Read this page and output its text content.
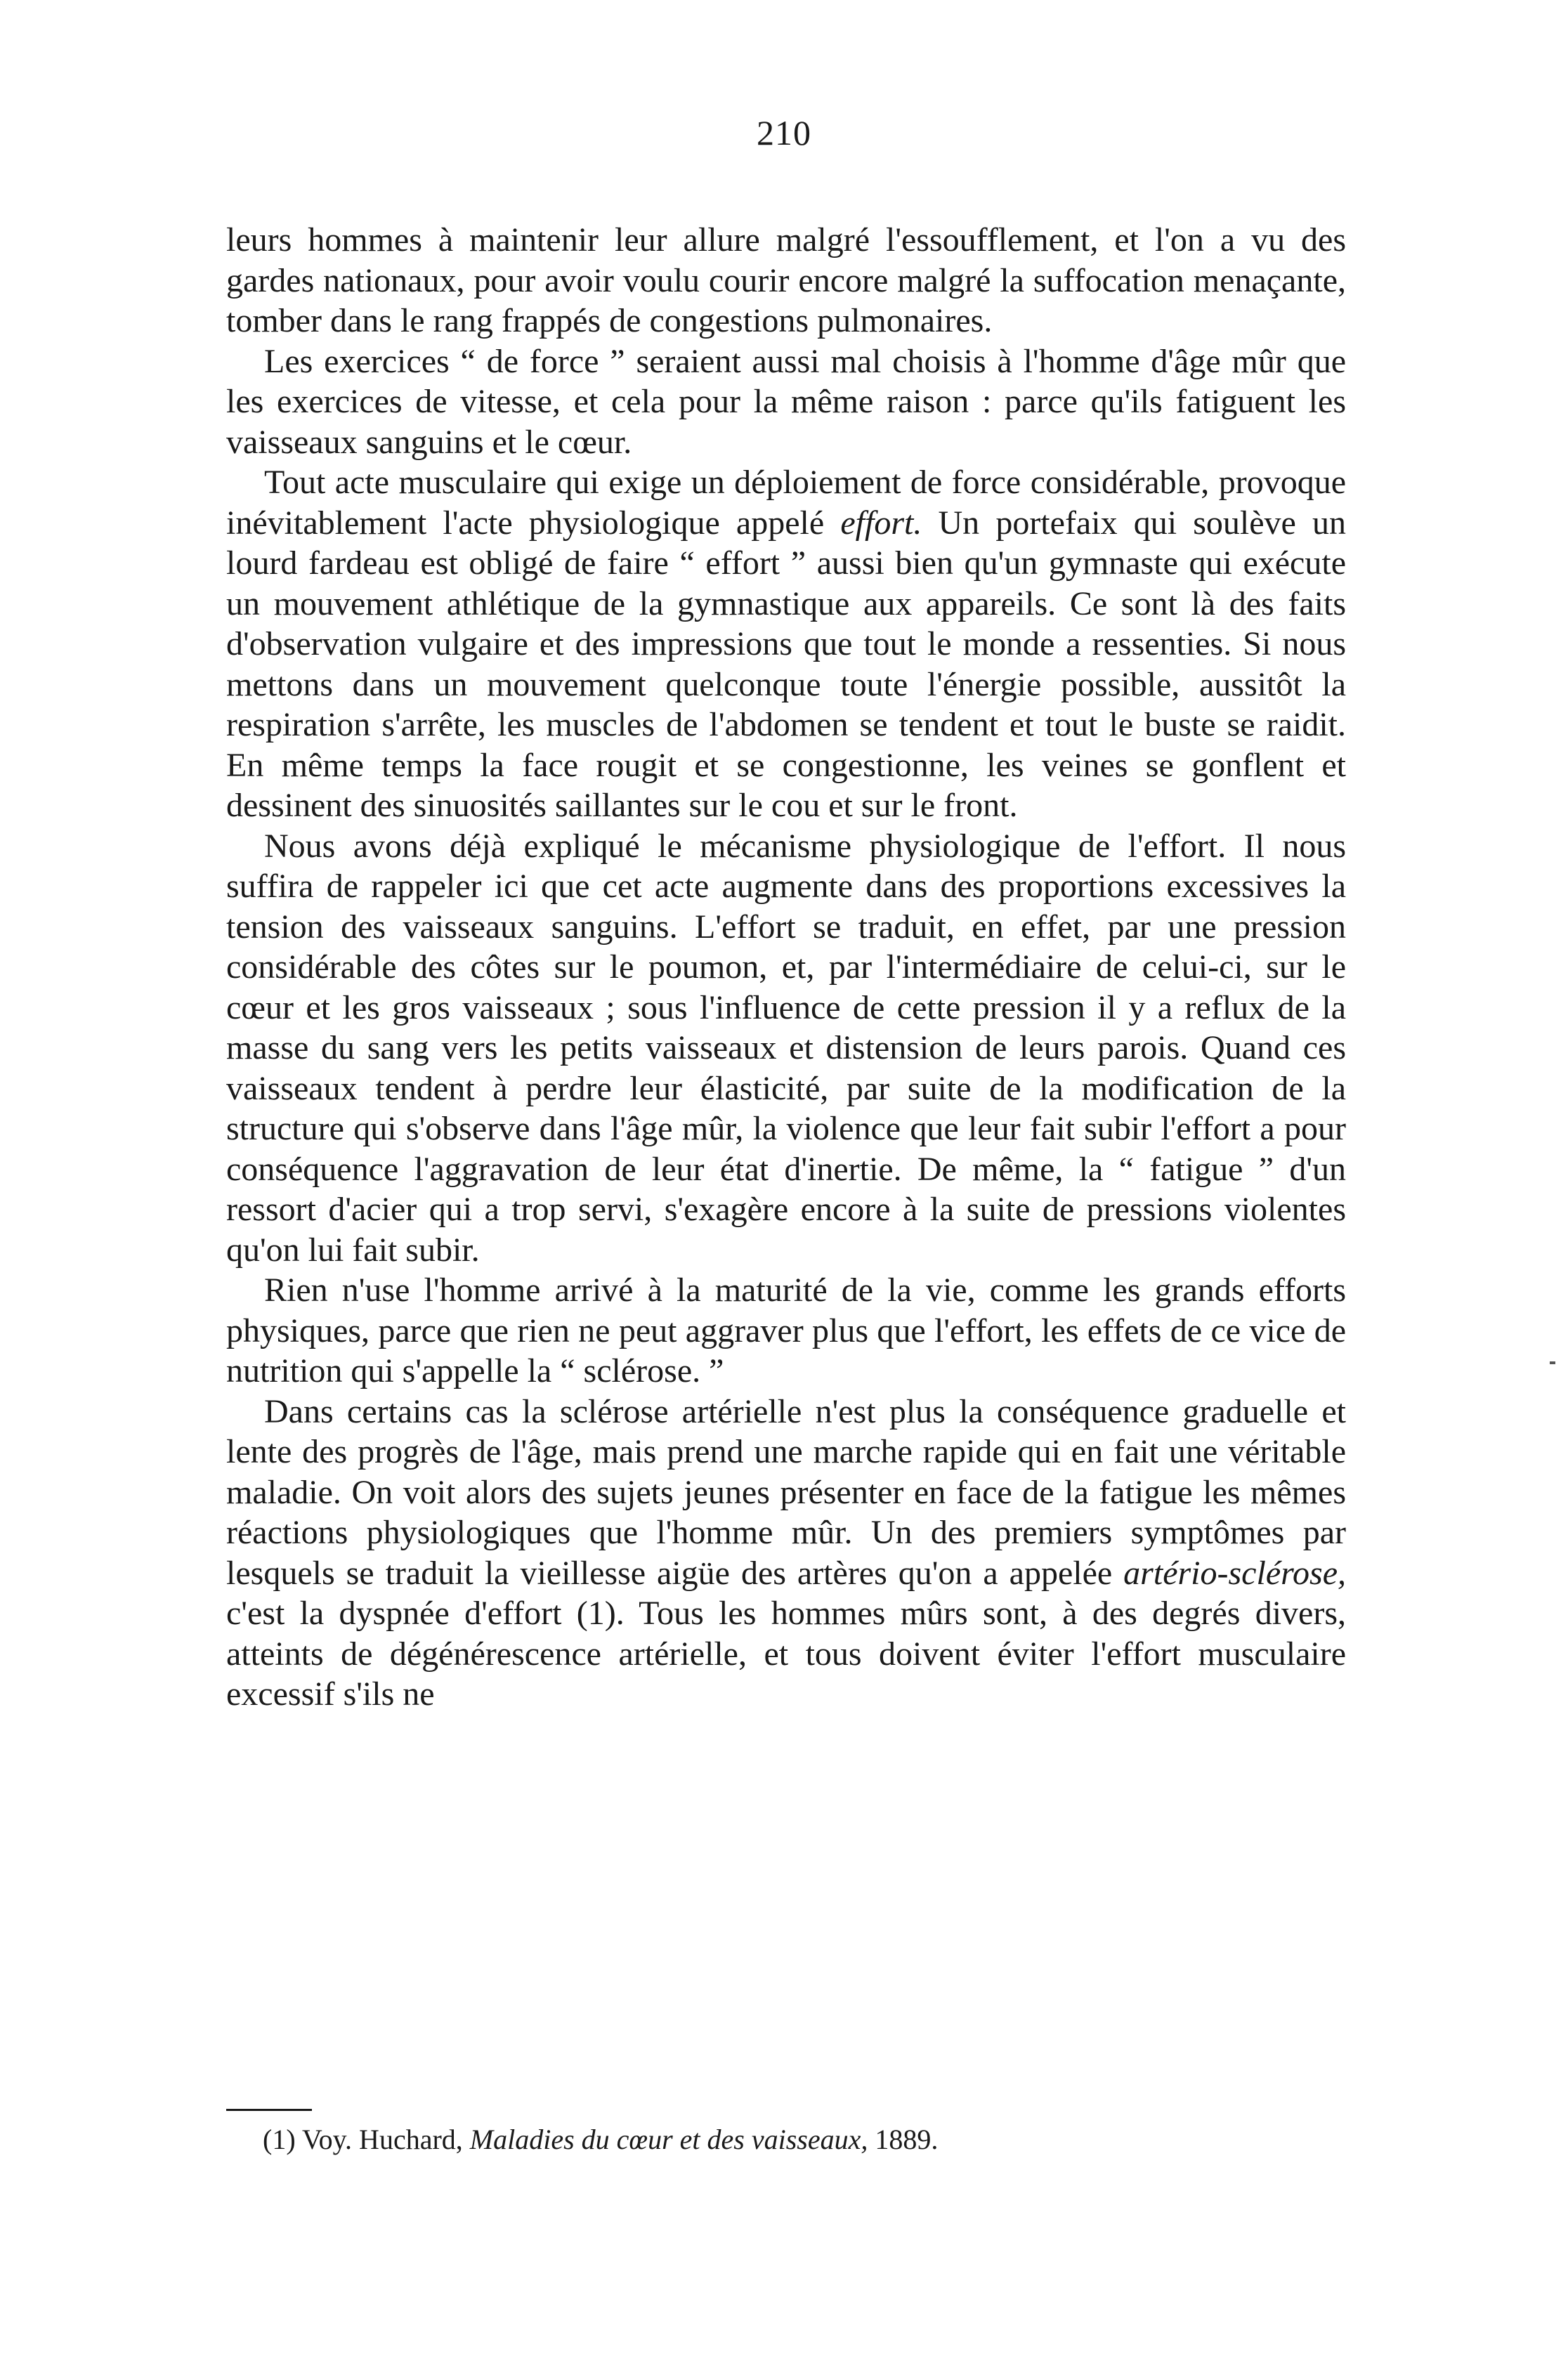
210

leurs hommes à maintenir leur allure malgré l'essoufflement, et l'on a vu des gardes nationaux, pour avoir voulu courir encore malgré la suffocation menaçante, tomber dans le rang frappés de congestions pulmonaires.

Les exercices “ de force ” seraient aussi mal choisis à l'homme d'âge mûr que les exercices de vitesse, et cela pour la même raison : parce qu'ils fatiguent les vaisseaux sanguins et le cœur.

Tout acte musculaire qui exige un déploiement de force considérable, provoque inévitablement l'acte physiologique appelé effort. Un portefaix qui soulève un lourd fardeau est obligé de faire “ effort ” aussi bien qu'un gymnaste qui exécute un mouvement athlétique de la gymnastique aux appareils. Ce sont là des faits d'observation vulgaire et des impressions que tout le monde a ressenties. Si nous mettons dans un mouvement quelconque toute l'énergie possible, aussitôt la respiration s'arrête, les muscles de l'abdomen se tendent et tout le buste se raidit. En même temps la face rougit et se congestionne, les veines se gonflent et dessinent des sinuosités saillantes sur le cou et sur le front.

Nous avons déjà expliqué le mécanisme physiologique de l'effort. Il nous suffira de rappeler ici que cet acte augmente dans des proportions excessives la tension des vaisseaux sanguins. L'effort se traduit, en effet, par une pression considérable des côtes sur le poumon, et, par l'intermédiaire de celui-ci, sur le cœur et les gros vaisseaux ; sous l'influence de cette pression il y a reflux de la masse du sang vers les petits vaisseaux et distension de leurs parois. Quand ces vaisseaux tendent à perdre leur élasticité, par suite de la modification de la structure qui s'observe dans l'âge mûr, la violence que leur fait subir l'effort a pour conséquence l'aggravation de leur état d'inertie. De même, la “ fatigue ” d'un ressort d'acier qui a trop servi, s'exagère encore à la suite de pressions violentes qu'on lui fait subir.

Rien n'use l'homme arrivé à la maturité de la vie, comme les grands efforts physiques, parce que rien ne peut aggraver plus que l'effort, les effets de ce vice de nutrition qui s'appelle la “ sclérose. ”

Dans certains cas la sclérose artérielle n'est plus la conséquence graduelle et lente des progrès de l'âge, mais prend une marche rapide qui en fait une véritable maladie. On voit alors des sujets jeunes présenter en face de la fatigue les mêmes réactions physiologiques que l'homme mûr. Un des premiers symptômes par lesquels se traduit la vieillesse aigüe des artères qu'on a appelée artério-sclérose, c'est la dyspnée d'effort (1). Tous les hommes mûrs sont, à des degrés divers, atteints de dégénérescence artérielle, et tous doivent éviter l'effort musculaire excessif s'ils ne

(1) Voy. Huchard, Maladies du cœur et des vaisseaux, 1889.
